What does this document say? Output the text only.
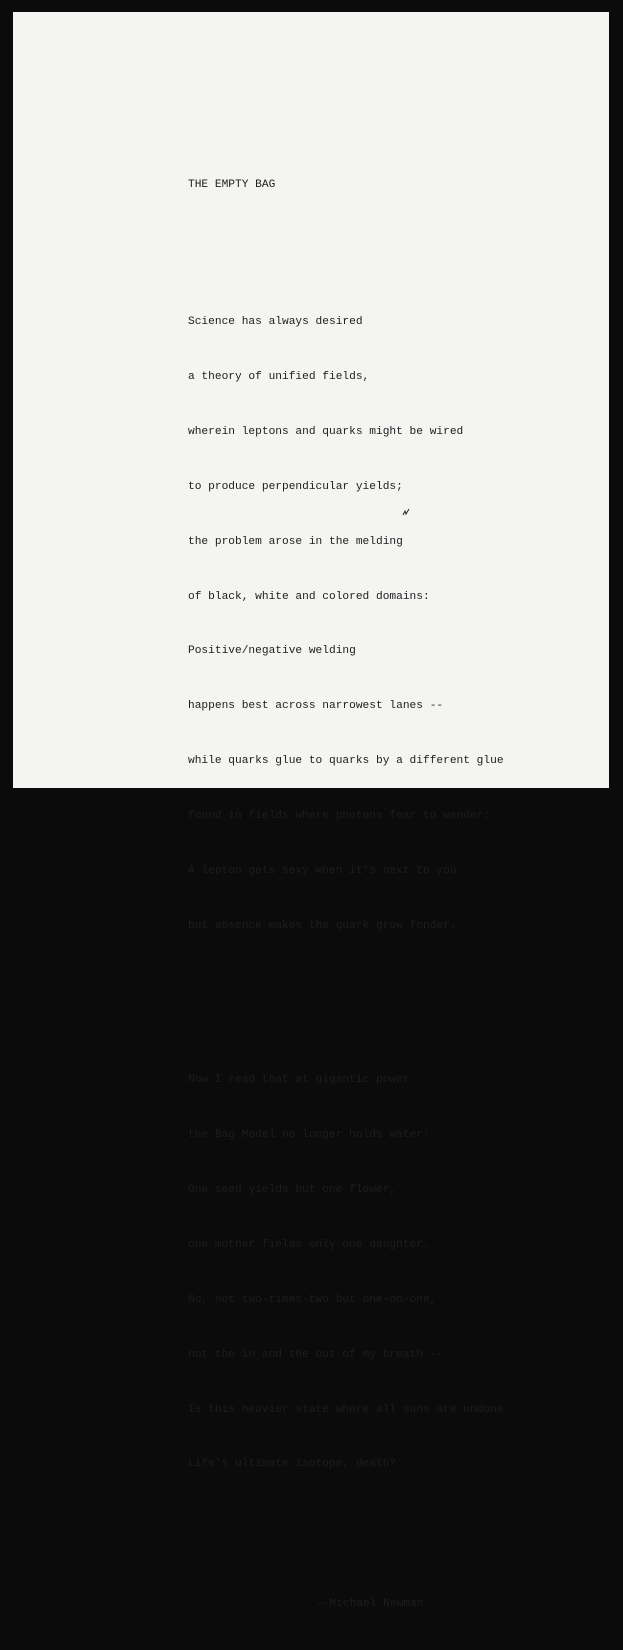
THE EMPTY BAG

Science has always desired

a theory of unified fields,

wherein leptons and quarks might be wired

to produce perpendicular yields;

the problem arose in the melding

of black, white and colored domains:

Positive/negative welding

happens best across narrowest lanes --

while quarks glue to quarks by a different glue

found in fields where photons fear to wander:

A lepton gets sexy when it's next to you

but absence makes the quark grow fonder.

Now I read that at gigantic power

the Bag Model no longer holds water:

One seed yields but one flower,

one mother fields only one daughter.

No, not two-times-two but one-on-one,

not the in and the out of my breath --

Is this heavier state where all suns are undone

Life's ultimate isotope, death?

--Michael Newman
